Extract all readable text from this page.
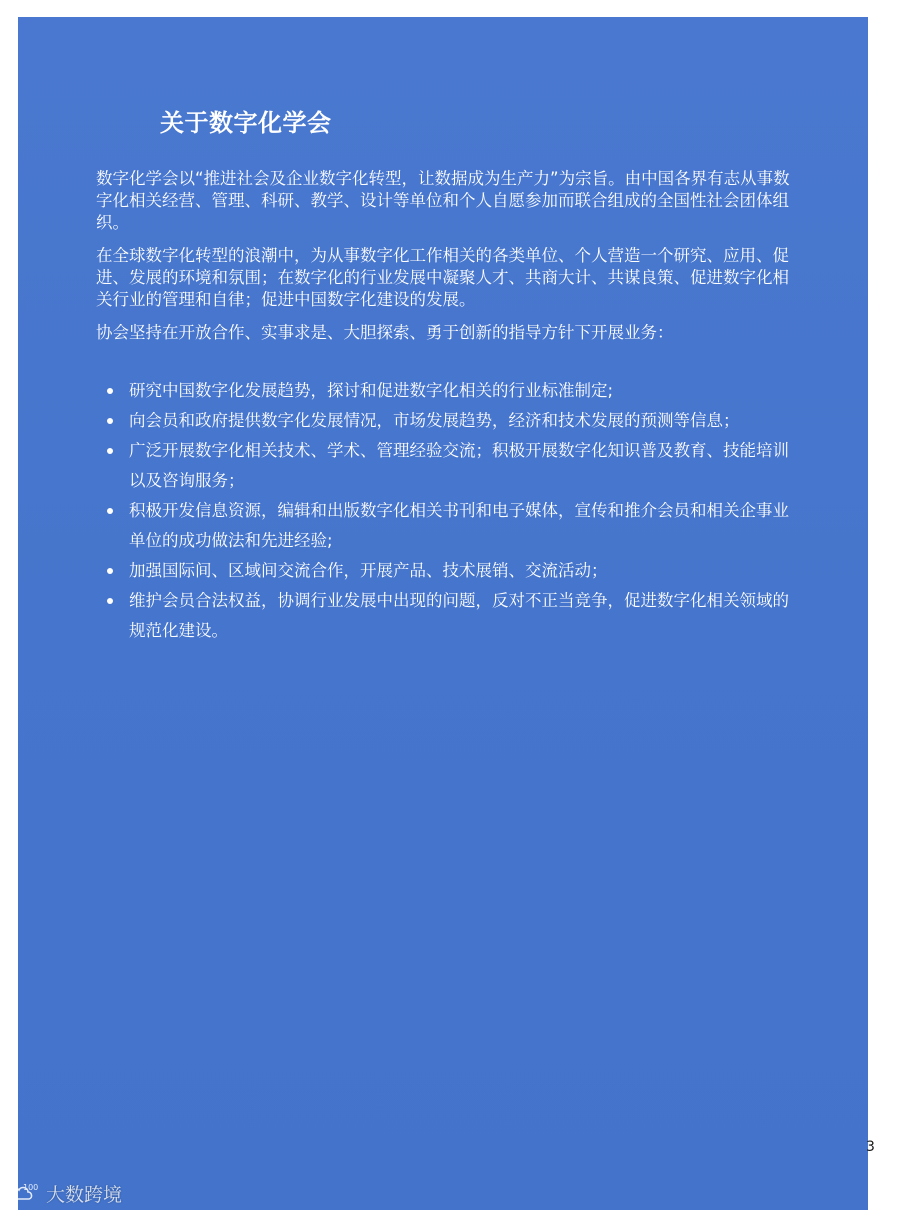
关于数字化学会

数字化学会以“推进社会及企业数字化转型，让数据成为生产力”为宗旨。由中国各界有志从事数字化相关经营、管理、科研、教学、设计等单位和个人自愿参加而联合组成的全国性社会团体组织。

在全球数字化转型的浪潮中，为从事数字化工作相关的各类单位、个人营造一个研究、应用、促进、发展的环境和氛围；在数字化的行业发展中凝聚人才、共商大计、共谋良策、促进数字化相关行业的管理和自律；促进中国数字化建设的发展。

协会坚持在开放合作、实事求是、大胆探索、勇于创新的指导方针下开展业务：

研究中国数字化发展趋势，探讨和促进数字化相关的行业标准制定;
向会员和政府提供数字化发展情况，市场发展趋势，经济和技术发展的预测等信息；
广泛开展数字化相关技术、学术、管理经验交流；积极开展数字化知识普及教育、技能培训以及咨询服务；
积极开发信息资源，编辑和出版数字化相关书刊和电子媒体，宣传和推介会员和相关企事业单位的成功做法和先进经验;
加强国际间、区域间交流合作，开展产品、技术展销、交流活动；
维护会员合法权益，协调行业发展中出现的问题，反对不正当竞争，促进数字化相关领域的规范化建设。
3
100 大数跨境
